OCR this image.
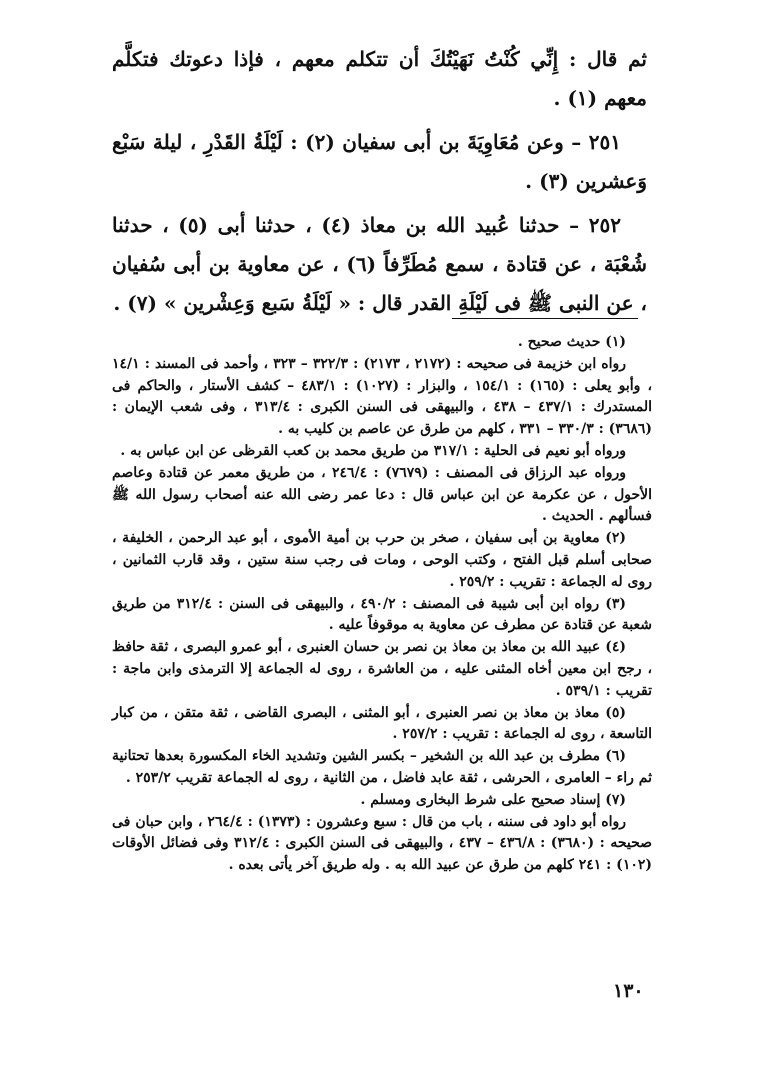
ثم قال : إِنِّي كُنْتُ نَهَيْتُكَ أن تتكلم معهم ، فإذا دعوتك فتكلَّم معهم (١) .

٢٥١ – وعن مُعَاوِيَةَ بن أبى سفيان (٢) : لَيْلَةُ القَدْرِ ، ليلة سَبْع وَعشرين (٣) .

٢٥٢ – حدثنا عُبيد الله بن معاذ (٤) ، حدثنا أبى (٥) ، حدثنا شُعْبَة ، عن قتادة ، سمع مُطَرِّفاً (٦) ، عن معاوية بن أبى سُفيان ، عن النبى ﷺ فى لَيْلَةِ القدر قال : « لَيْلَةُ سَبع وَعِشْرين » (٧) .

(١) حديث صحيح .

رواه ابن خزيمة فى صحيحه : (٢١٧٢ ، ٢١٧٣) : ٣٢٢/٣ – ٣٢٣ ، وأحمد فى المسند : ١٤/١ ، وأبو يعلى : (١٦٥) : ١٥٤/١ ، والبزار : (١٠٢٧) : ٤٨٣/١ – كشف الأستار ، والحاكم فى المستدرك : ٤٣٧/١ – ٤٣٨ ، والبيهقى فى السنن الكبرى : ٣١٣/٤ ، وفى شعب الإيمان : (٣٦٨٦) : ٣٣٠/٣ – ٣٣١ ، كلهم من طرق عن عاصم بن كليب به .

ورواه أبو نعيم فى الحلية : ٣١٧/١ من طريق محمد بن كعب القرظى عن ابن عباس به .

ورواه عبد الرزاق فى المصنف : (٧٦٧٩) : ٢٤٦/٤ ، من طريق معمر عن قتادة وعاصم الأحول ، عن عكرمة عن ابن عباس قال : دعا عمر رضى الله عنه أصحاب رسول الله ﷺ فسألهم . الحديث .

(٢) معاوية بن أبى سفيان ، صخر بن حرب بن أمية الأموى ، أبو عبد الرحمن ، الخليفة ، صحابى أسلم قبل الفتح ، وكتب الوحى ، ومات فى رجب سنة ستين ، وقد قارب الثمانين ، روى له الجماعة : تقريب : ٢٥٩/٢ .

(٣) رواه ابن أبى شيبة فى المصنف : ٤٩٠/٢ ، والبيهقى فى السنن : ٣١٢/٤ من طريق شعبة عن قتادة عن مطرف عن معاوية به موقوفاً عليه .

(٤) عبيد الله بن معاذ بن معاذ بن نصر بن حسان العنبرى ، أبو عمرو البصرى ، ثقة حافظ ، رجح ابن معين أخاه المثنى عليه ، من العاشرة ، روى له الجماعة إلا الترمذى وابن ماجة : تقريب : ٥٣٩/١ .

(٥) معاذ بن معاذ بن نصر العنبرى ، أبو المثنى ، البصرى القاضى ، ثقة متقن ، من كبار التاسعة ، روى له الجماعة : تقريب : ٢٥٧/٢ .

(٦) مطرف بن عبد الله بن الشخير – بكسر الشين وتشديد الخاء المكسورة بعدها تحتانية ثم راء – العامرى ، الحرشى ، ثقة عابد فاضل ، من الثانية ، روى له الجماعة تقريب ٢٥٣/٢ .

(٧) إسناد صحيح على شرط البخارى ومسلم .

رواه أبو داود فى سننه ، باب من قال : سبع وعشرون : (١٣٧٣) : ٢٦٤/٤ ، وابن حبان فى صحيحه : (٣٦٨٠) : ٤٣٦/٨ – ٤٣٧ ، والبيهقى فى السنن الكبرى : ٣١٢/٤ وفى فضائل الأوقات (١٠٢) : ٢٤١ كلهم من طرق عن عبيد الله به . وله طريق آخر يأتى بعده .

١٣٠
